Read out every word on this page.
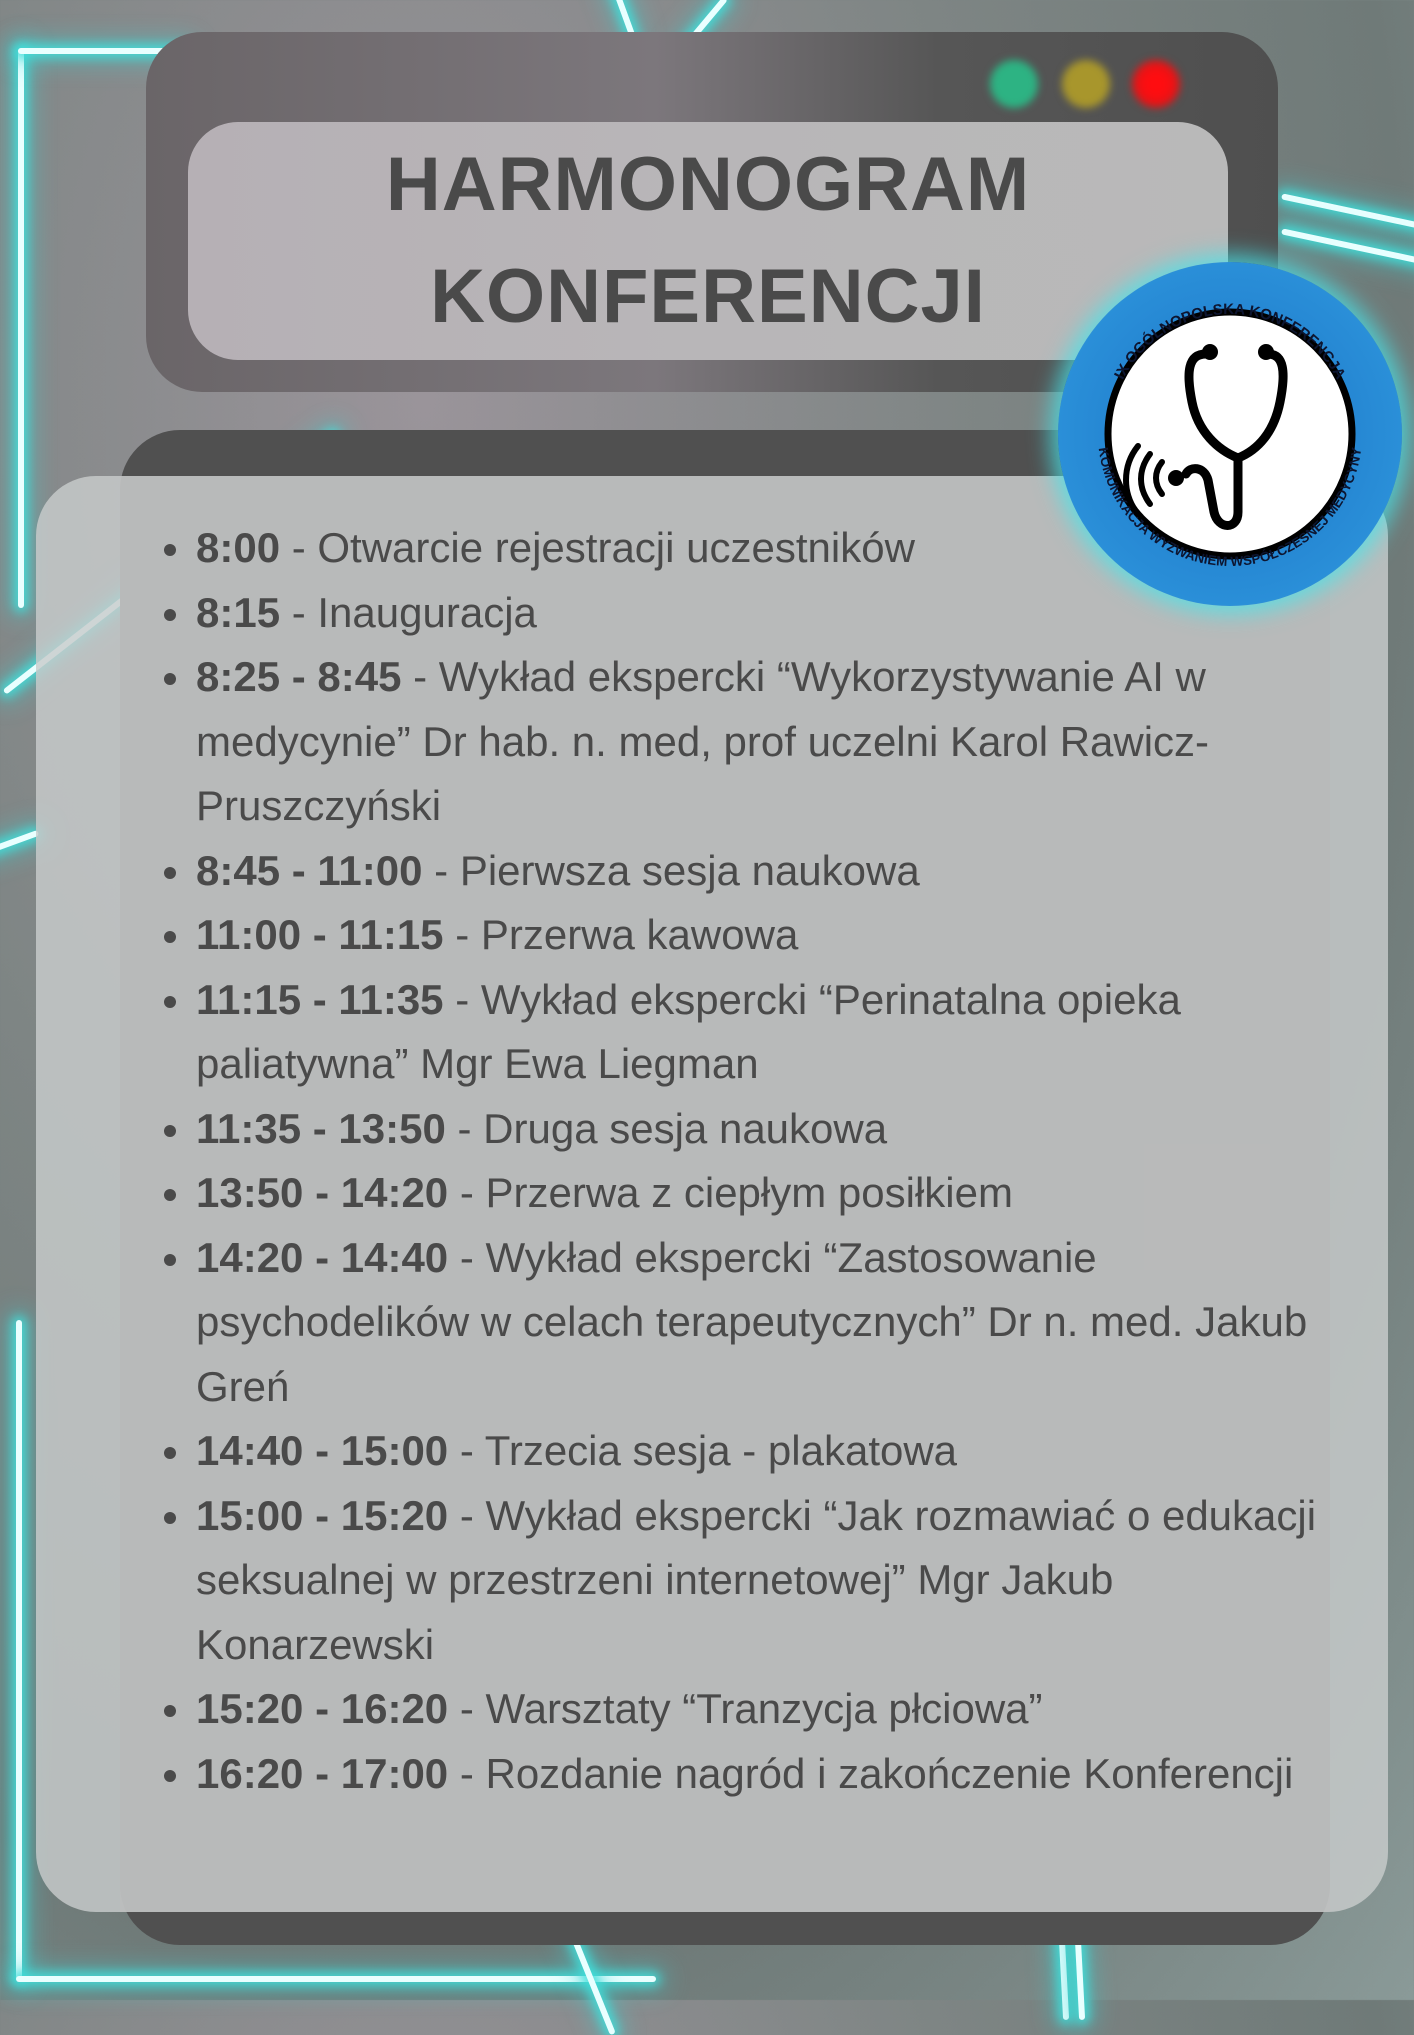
HARMONOGRAM
KONFERENCJI
8:00 - Otwarcie rejestracji uczestników
8:15 - Inauguracja
8:25 - 8:45 - Wykład ekspercki “Wykorzystywanie AI w medycynie” Dr hab. n. med, prof uczelni Karol Rawicz-Pruszczyński
8:45 - 11:00 - Pierwsza sesja naukowa
11:00 - 11:15 - Przerwa kawowa
11:15 - 11:35 - Wykład ekspercki “Perinatalna opieka paliatywna” Mgr Ewa Liegman
11:35 - 13:50 - Druga sesja naukowa
13:50 - 14:20 - Przerwa z ciepłym posiłkiem
14:20 - 14:40 - Wykład ekspercki “Zastosowanie psychodelików w celach terapeutycznych” Dr n. med. Jakub Greń
14:40 - 15:00 - Trzecia sesja - plakatowa
15:00 - 15:20 - Wykład ekspercki “Jak rozmawiać o edukacji seksualnej w przestrzeni internetowej” Mgr Jakub Konarzewski
15:20 - 16:20 - Warsztaty “Tranzycja płciowa”
16:20 - 17:00 - Rozdanie nagród i zakończenie Konferencji
IX OGÓLNOPOLSKA KONFERENCJA
KOMUNIKACJA WYZWANIEM WSPÓŁCZESNEJ MEDYCYNY
